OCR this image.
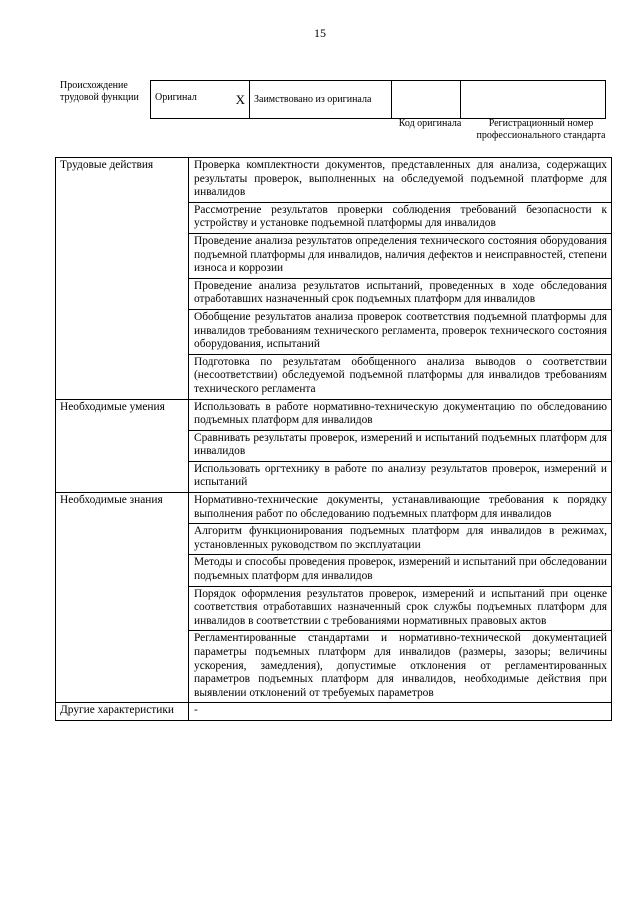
15
Происхождение трудовой функции	Оригинал	X	Заимствовано из оригинала		
Код оригинала	Регистрационный номер профессионального стандарта
Трудовые действия	Проверка комплектности документов, представленных для анализа, содержащих результаты проверок, выполненных на обследуемой подъемной платформе для инвалидов
	Рассмотрение результатов проверки соблюдения требований безопасности к устройству и установке подъемной платформы для инвалидов
	Проведение анализа результатов определения технического состояния оборудования подъемной платформы для инвалидов, наличия дефектов и неисправностей, степени износа и коррозии
	Проведение анализа результатов испытаний, проведенных в ходе обследования отработавших назначенный срок подъемных платформ для инвалидов
	Обобщение результатов анализа проверок соответствия подъемной платформы для инвалидов требованиям технического регламента, проверок технического состояния оборудования, испытаний
	Подготовка по результатам обобщенного анализа выводов о соответствии (несоответствии) обследуемой подъемной платформы для инвалидов требованиям технического регламента
Необходимые умения	Использовать в работе нормативно-техническую документацию по обследованию подъемных платформ для инвалидов
	Сравнивать результаты проверок, измерений и испытаний подъемных платформ для инвалидов
	Использовать оргтехнику в работе по анализу результатов проверок, измерений и испытаний
Необходимые знания	Нормативно-технические документы, устанавливающие требования к порядку выполнения работ по обследованию подъемных платформ для инвалидов
	Алгоритм функционирования подъемных платформ для инвалидов в режимах, установленных руководством по эксплуатации
	Методы и способы проведения проверок, измерений и испытаний при обследовании подъемных платформ для инвалидов
	Порядок оформления результатов проверок, измерений и испытаний при оценке соответствия отработавших назначенный срок службы подъемных платформ для инвалидов в соответствии с требованиями нормативных правовых актов
	Регламентированные стандартами и нормативно-технической документацией параметры подъемных платформ для инвалидов (размеры, зазоры; величины ускорения, замедления), допустимые отклонения от регламентированных параметров подъемных платформ для инвалидов, необходимые действия при выявлении отклонений от требуемых параметров
Другие характеристики	-
